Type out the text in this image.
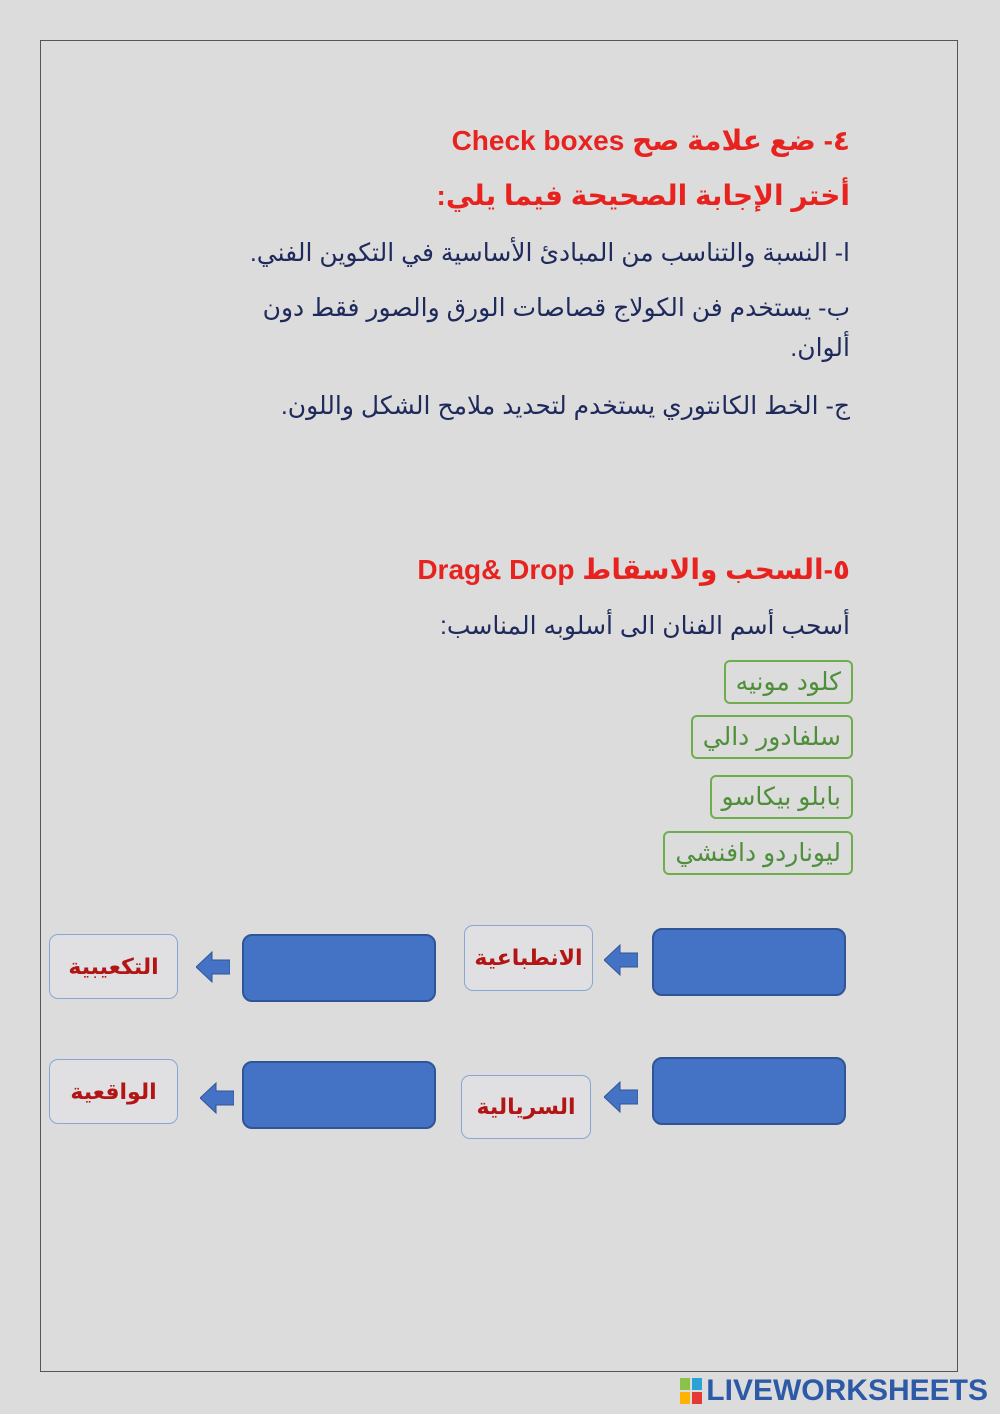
٤- ضع علامة صح Check boxes
أختر الإجابة الصحيحة فيما يلي:
ا- النسبة والتناسب من المبادئ الأساسية في التكوين الفني.
ب- يستخدم فن الكولاج قصاصات الورق والصور فقط دون ألوان.
ج- الخط الكانتوري يستخدم لتحديد ملامح الشكل واللون.
٥-السحب والاسقاط Drag& Drop
أسحب أسم الفنان الى أسلوبه المناسب:
كلود مونيه
سلفادور دالي
بابلو بيكاسو
ليوناردو دافنشي
الانطباعية
التكعيبية
السريالية
الواقعية
LIVEWORKSHEETS
